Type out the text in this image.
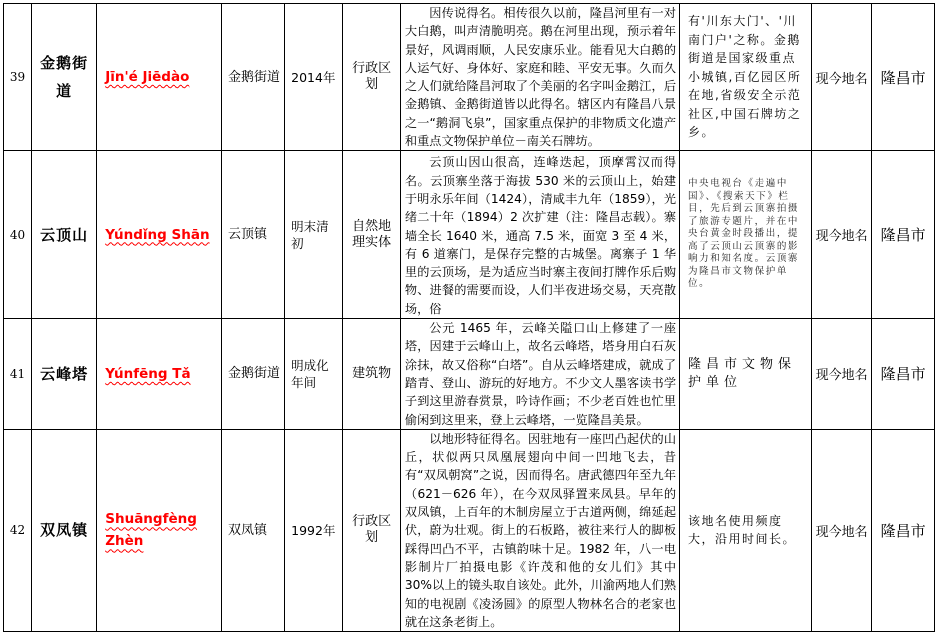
39	金鹅街道	Jīn'é Jiēdào	金鹅街道	2014年	行政区划	因传说得名。相传很久以前，隆昌河里有一对大白鹅，叫声清脆明亮。鹅在河里出现，预示着年景好，风调雨顺，人民安康乐业。能看见大白鹅的人运气好、身体好、家庭和睦、平安无事。久而久之人们就给隆昌河取了个美丽的名字叫金鹅江，后金鹅镇、金鹅街道皆以此得名。辖区内有隆昌八景之一“鹅洞飞泉”，国家重点保护的非物质文化遗产和重点文物保护单位－南关石牌坊。	有'川东大门'、'川南门户'之称。金鹅街道是国家级重点小城镇,百亿园区所在地,省级安全示范社区,中国石牌坊之乡。	现今地名	隆昌市
40	云顶山	Yúndǐng Shān	云顶镇	明末清初	自然地理实体	云顶山因山很高，连峰迭起，顶摩霄汉而得名。云顶寨坐落于海拔 530 米的云顶山上，始建于明永乐年间（1424），清咸丰九年（1859），光绪二十年（1894）2 次扩建（注：隆昌志载）。寨墙全长 1640 米，通高 7.5 米，面宽 3 至 4 米，有 6 道寨门，是保存完整的古城堡。离寨子 1 华里的云顶场，是为适应当时寨主夜间打牌作乐后购物、进餐的需要而设，人们半夜进场交易，天亮散场，俗	中央电视台《走遍中国》、《搜索天下》栏目，先后到云顶寨拍摄了旅游专题片，并在中央台黄金时段播出，提高了云顶山云顶寨的影响力和知名度。云顶寨为隆昌市文物保护单位。	现今地名	隆昌市
41	云峰塔	Yúnfēng Tǎ	金鹅街道	明成化年间	建筑物	公元 1465 年，云峰关隘口山上修建了一座塔，因建于云峰山上，故名云峰塔，塔身用白石灰涂抹，故又俗称“白塔”。自从云峰塔建成，就成了踏青、登山、游玩的好地方。不少文人墨客读书学子到这里游春赏景，吟诗作画；不少老百姓也忙里偷闲到这里来，登上云峰塔，一览隆昌美景。	隆昌市文物保护单位	现今地名	隆昌市
42	双凤镇	Shuāngfèng Zhèn	双凤镇	1992年	行政区划	以地形特征得名。因驻地有一座凹凸起伏的山丘，状似两只凤凰展翅向中间一凹地飞去，昔有“双凤朝窝”之说，因而得名。唐武德四年至九年（621－626 年），在今双凤驿置来凤县。早年的双凤镇，上百年的木制房屋立于古道两侧，绵延起伏，蔚为壮观。街上的石板路，被往来行人的脚板踩得凹凸不平，古镇韵味十足。1982 年，八一电影制片厂拍摄电影《许茂和他的女儿们》其中 30%以上的镜头取自该处。此外，川渝两地人们熟知的电视剧《凌汤圆》的原型人物林名合的老家也就在这条老街上。	该地名使用频度大，沿用时间长。	现今地名	隆昌市
